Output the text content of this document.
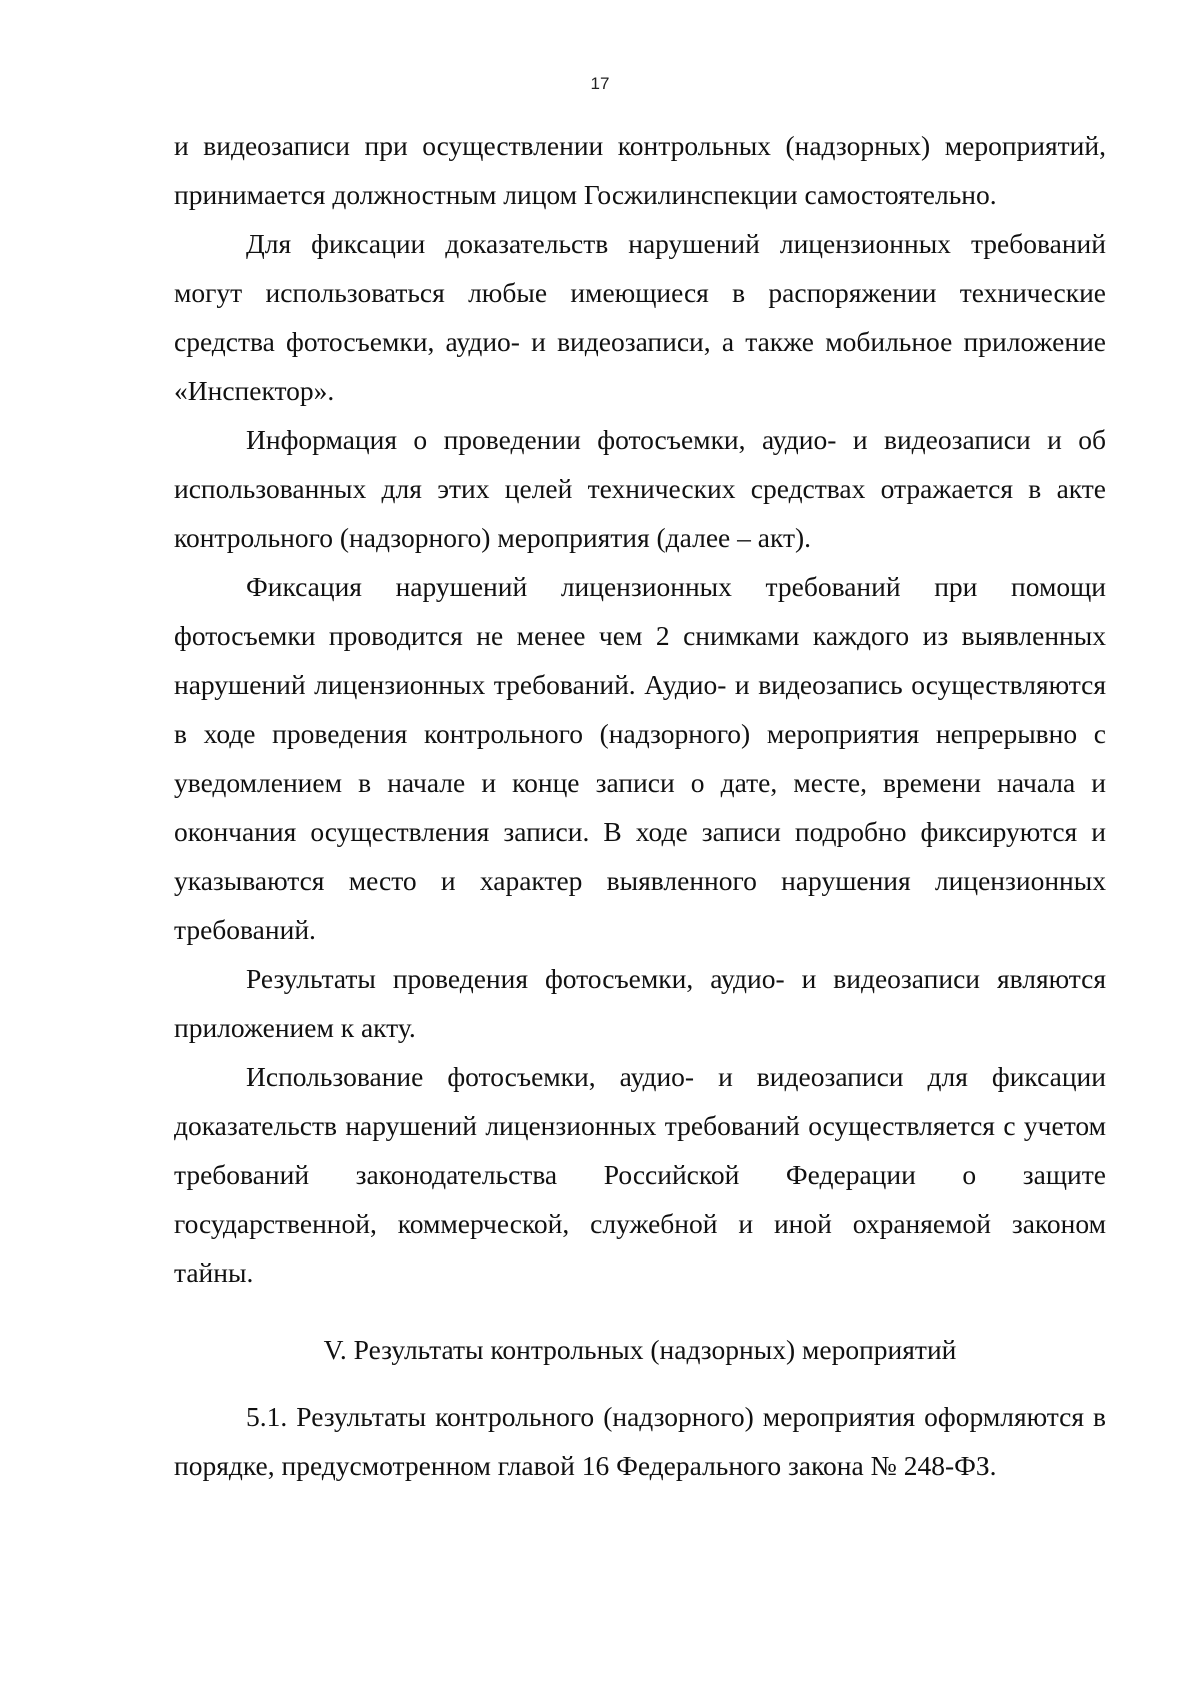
17

и видеозаписи при осуществлении контрольных (надзорных) мероприятий, принимается должностным лицом Госжилинспекции самостоятельно.

Для фиксации доказательств нарушений лицензионных требований могут использоваться любые имеющиеся в распоряжении технические средства фотосъемки, аудио- и видеозаписи, а также мобильное приложение «Инспектор».

Информация о проведении фотосъемки, аудио- и видеозаписи и об использованных для этих целей технических средствах отражается в акте контрольного (надзорного) мероприятия (далее – акт).

Фиксация нарушений лицензионных требований при помощи фотосъемки проводится не менее чем 2 снимками каждого из выявленных нарушений лицензионных требований. Аудио- и видеозапись осуществляются в ходе проведения контрольного (надзорного) мероприятия непрерывно с уведомлением в начале и конце записи о дате, месте, времени начала и окончания осуществления записи. В ходе записи подробно фиксируются и указываются место и характер выявленного нарушения лицензионных требований.

Результаты проведения фотосъемки, аудио- и видеозаписи являются приложением к акту.

Использование фотосъемки, аудио- и видеозаписи для фиксации доказательств нарушений лицензионных требований осуществляется с учетом требований законодательства Российской Федерации о защите государственной, коммерческой, служебной и иной охраняемой законом тайны.

V. Результаты контрольных (надзорных) мероприятий

5.1. Результаты контрольного (надзорного) мероприятия оформляются в порядке, предусмотренном главой 16 Федерального закона № 248-ФЗ.
